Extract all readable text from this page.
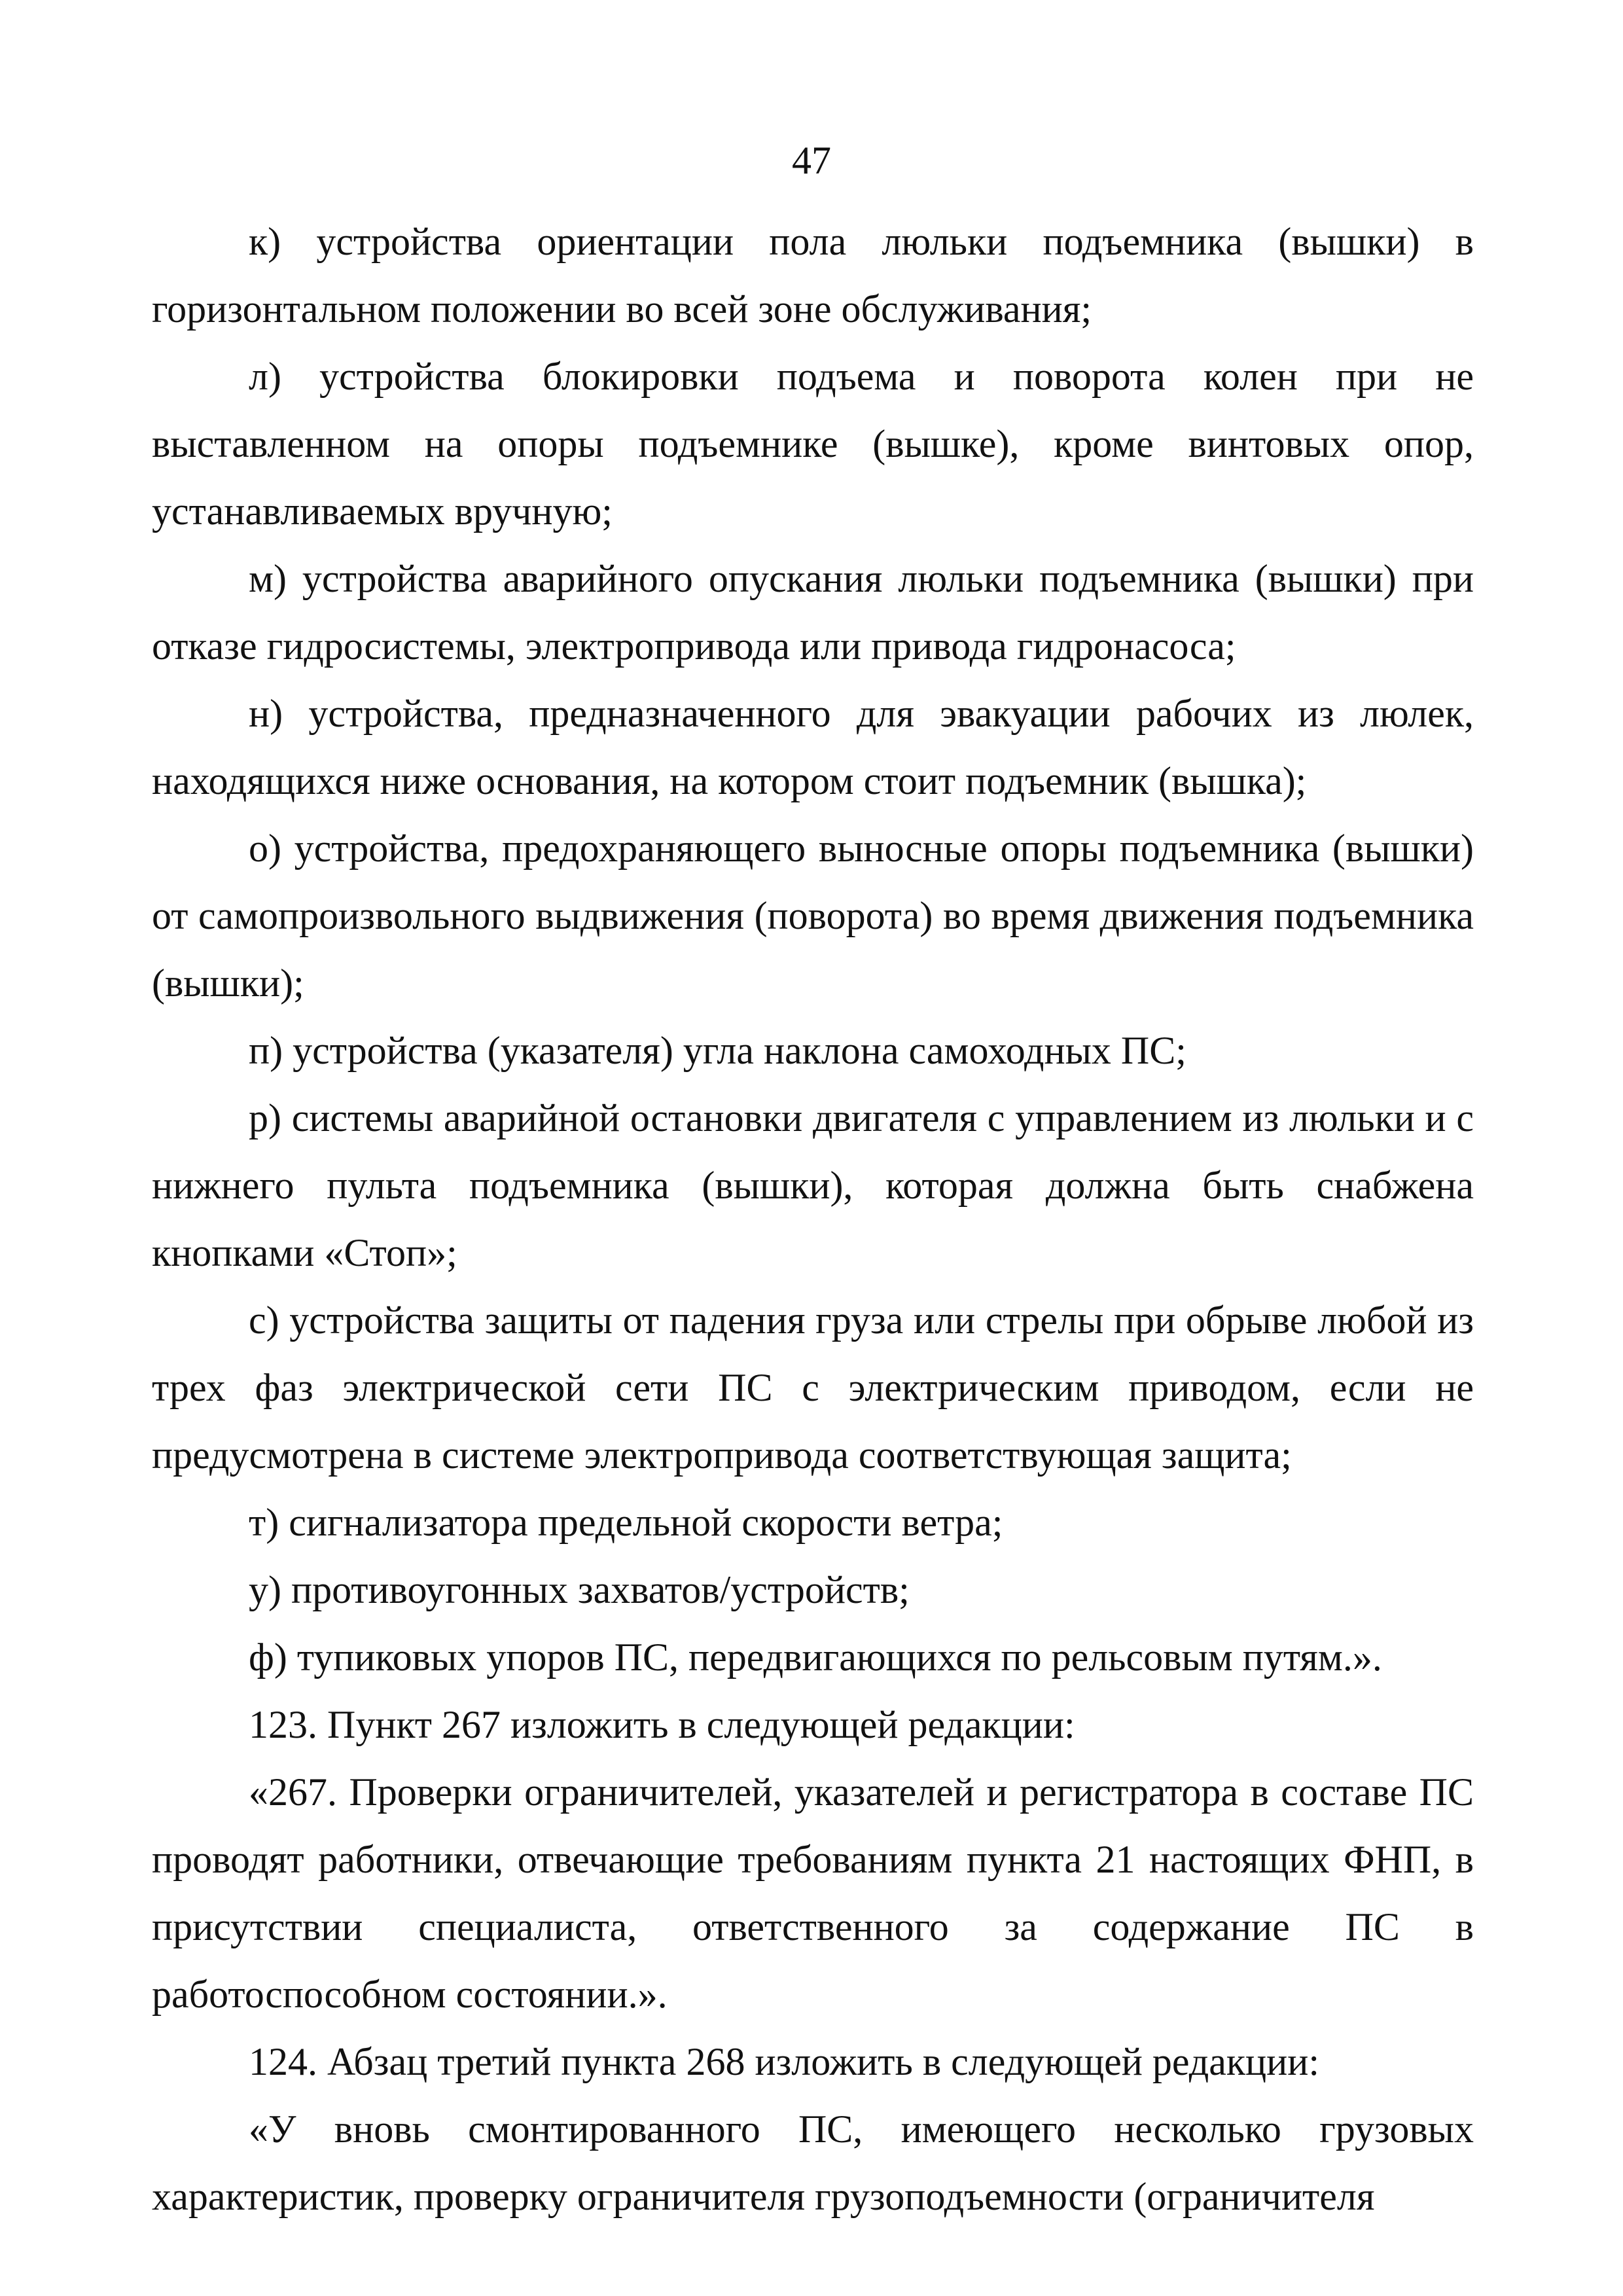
47

к) устройства ориентации пола люльки подъемника (вышки) в горизонтальном положении во всей зоне обслуживания;

л) устройства блокировки подъема и поворота колен при не выставленном на опоры подъемнике (вышке), кроме винтовых опор, устанавливаемых вручную;

м) устройства аварийного опускания люльки подъемника (вышки) при отказе гидросистемы, электропривода или привода гидронасоса;

н) устройства, предназначенного для эвакуации рабочих из люлек, находящихся ниже основания, на котором стоит подъемник (вышка);

о) устройства, предохраняющего выносные опоры подъемника (вышки) от самопроизвольного выдвижения (поворота) во время движения подъемника (вышки);

п) устройства (указателя) угла наклона самоходных ПС;

р) системы аварийной остановки двигателя с управлением из люльки и с нижнего пульта подъемника (вышки), которая должна быть снабжена кнопками «Стоп»;

с) устройства защиты от падения груза или стрелы при обрыве любой из трех фаз электрической сети ПС с электрическим приводом, если не предусмотрена в системе электропривода соответствующая защита;

т) сигнализатора предельной скорости ветра;

у) противоугонных захватов/устройств;

ф) тупиковых упоров ПС, передвигающихся по рельсовым путям.».

123. Пункт 267 изложить в следующей редакции:

«267. Проверки ограничителей, указателей и регистратора в составе ПС проводят работники, отвечающие требованиям пункта 21 настоящих ФНП, в присутствии специалиста, ответственного за содержание ПС в работоспособном состоянии.».

124. Абзац третий пункта 268 изложить в следующей редакции:

«У вновь смонтированного ПС, имеющего несколько грузовых характеристик, проверку ограничителя грузоподъемности (ограничителя
